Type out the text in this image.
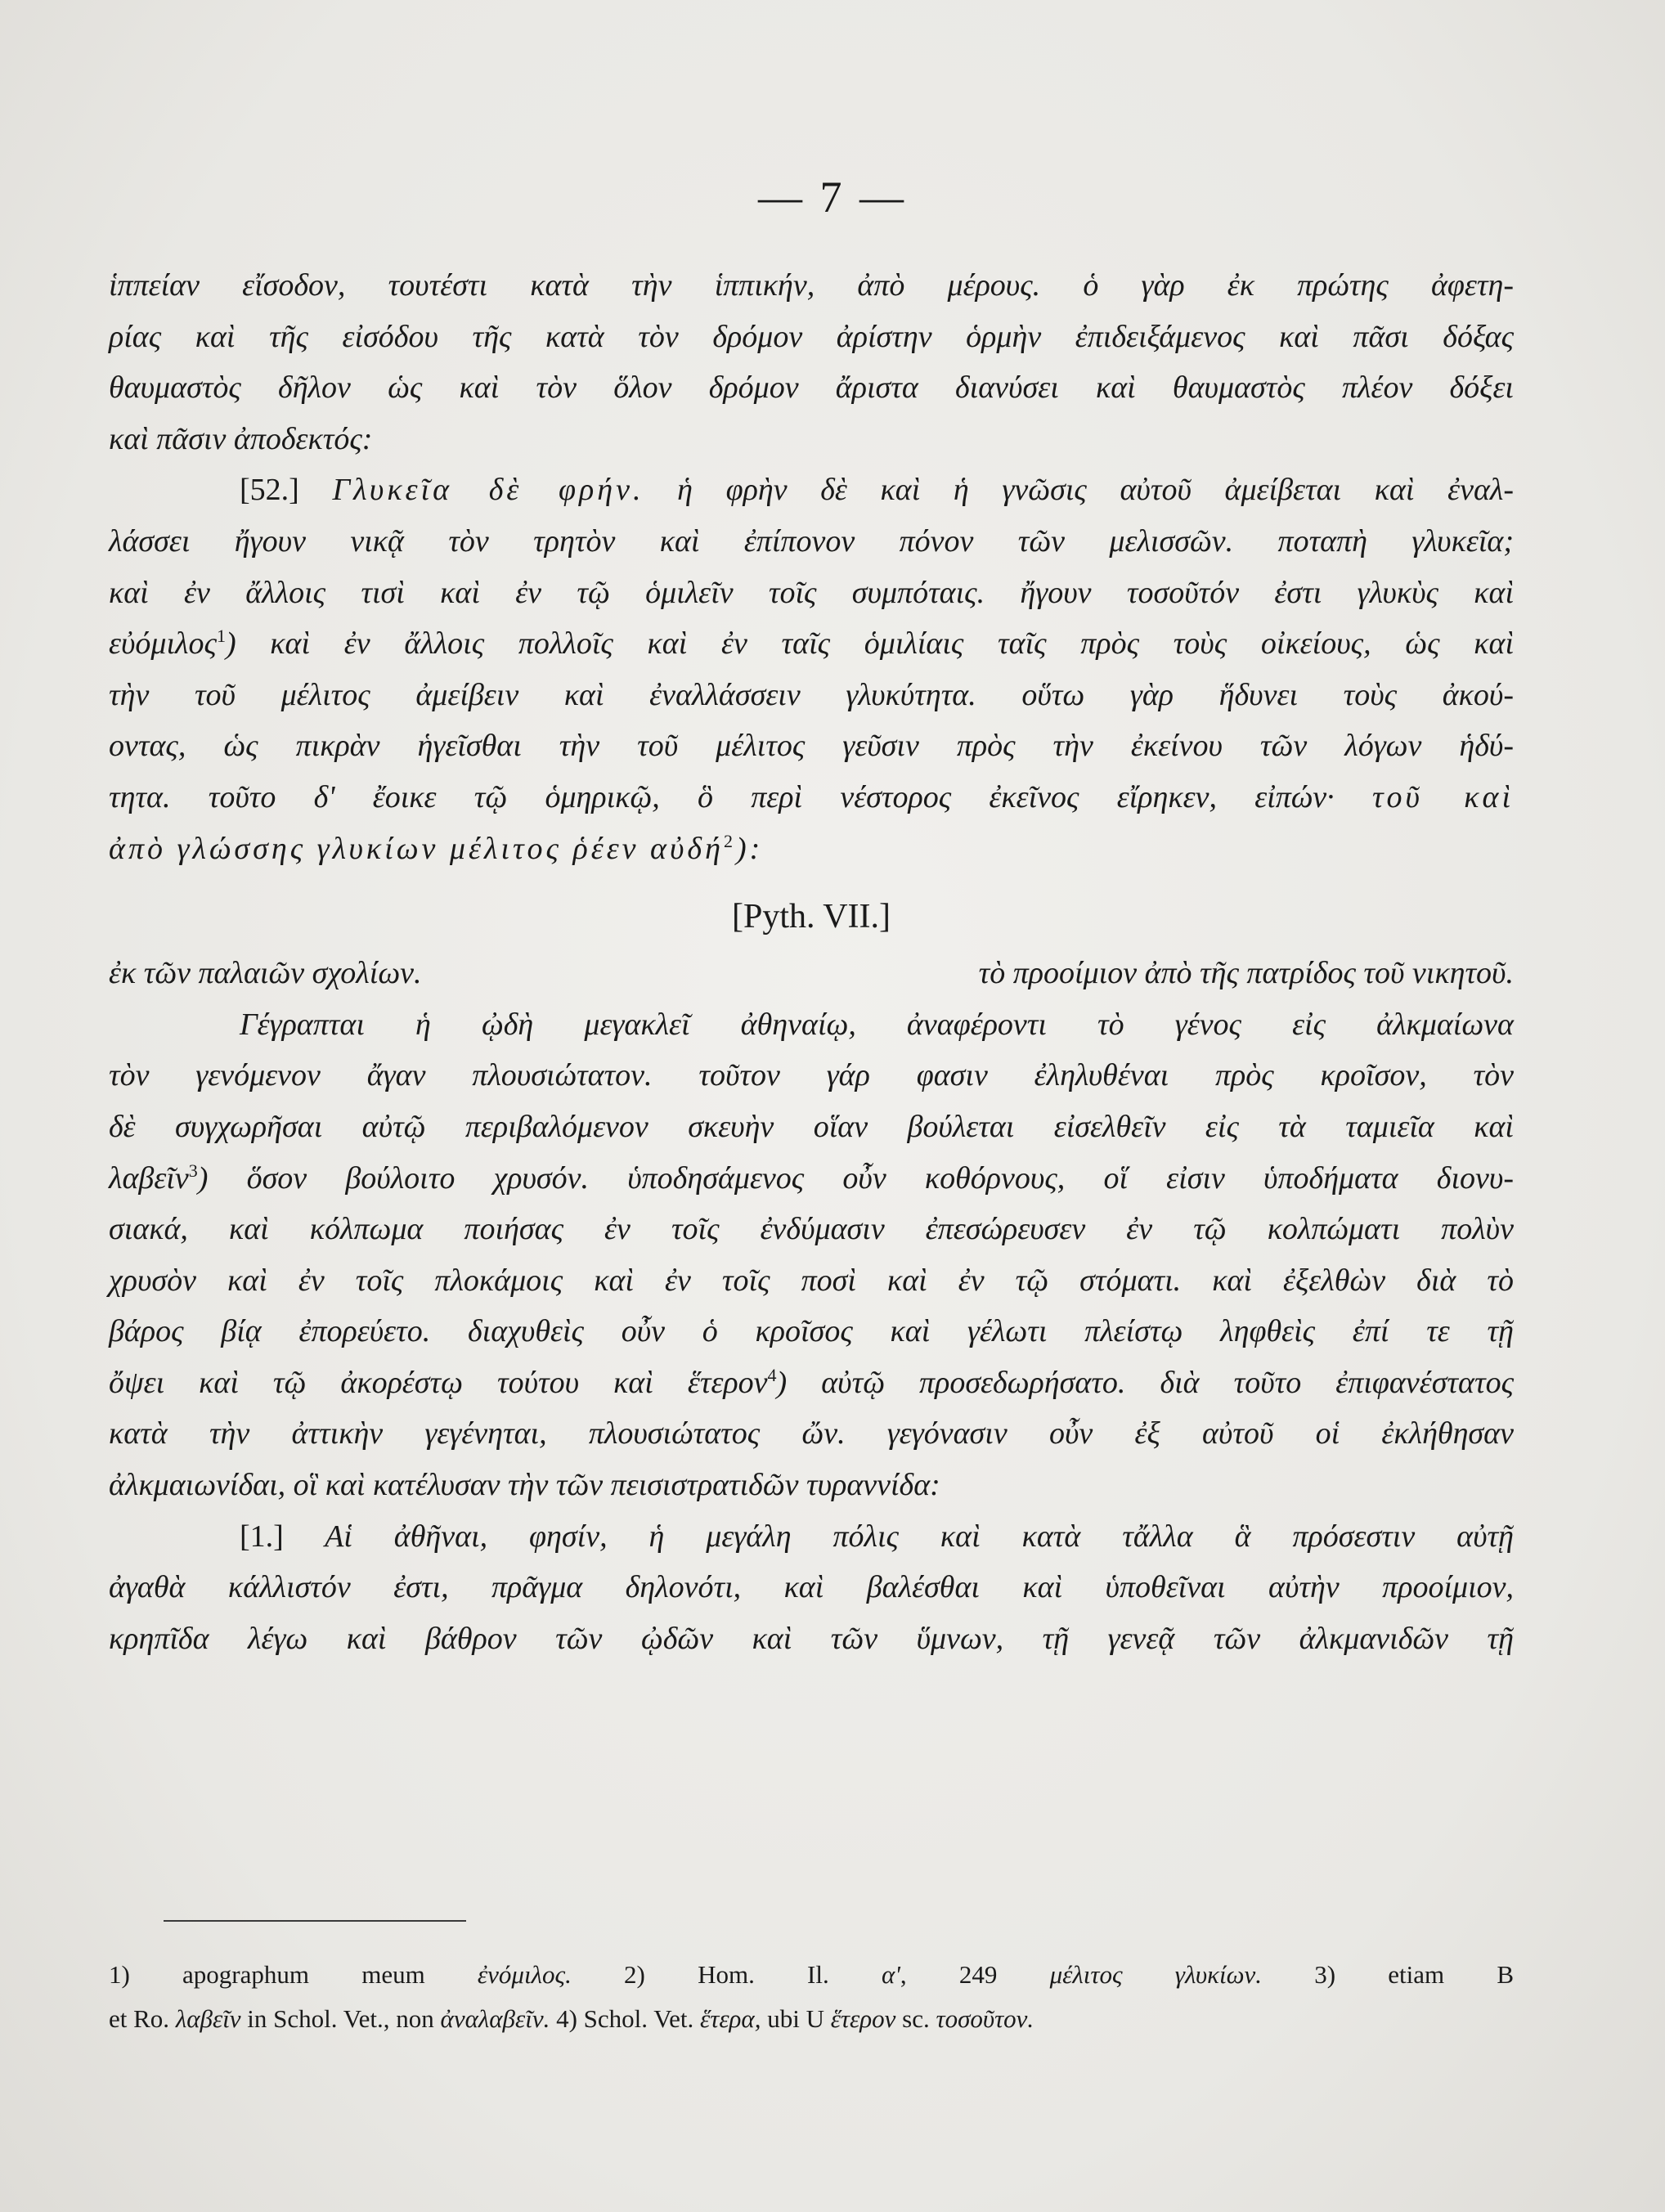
— 7 —
ἱππείαν εἴσοδον, τουτέστι κατὰ τὴν ἱππικήν, ἀπὸ μέρους. ὁ γὰρ ἐκ πρώτης ἀφετη-
ρίας καὶ τῆς εἰσόδου τῆς κατὰ τὸν δρόμον ἀρίστην ὁρμὴν ἐπιδειξάμενος καὶ πᾶσι δόξας
θαυμαστὸς δῆλον ὡς καὶ τὸν ὅλον δρόμον ἄριστα διανύσει καὶ θαυμαστὸς πλέον δόξει
καὶ πᾶσιν ἀποδεκτός:
[52.] Γλυκεῖα δὲ φρήν. ἡ φρὴν δὲ καὶ ἡ γνῶσις αὐτοῦ ἀμείβεται καὶ ἐναλ-
λάσσει ἤγουν νικᾷ τὸν τρητὸν καὶ ἐπίπονον πόνον τῶν μελισσῶν. ποταπὴ γλυκεῖα;
καὶ ἐν ἄλλοις τισὶ καὶ ἐν τῷ ὁμιλεῖν τοῖς συμπόταις. ἤγουν τοσοῦτόν ἐστι γλυκὺς καὶ
εὐόμιλος$^1$) καὶ ἐν ἄλλοις πολλοῖς καὶ ἐν ταῖς ὁμιλίαις ταῖς πρὸς τοὺς οἰκείους, ὡς καὶ
τὴν τοῦ μέλιτος ἀμείβειν καὶ ἐναλλάσσειν γλυκύτητα. οὕτω γὰρ ἥδυνει τοὺς ἀκού-
οντας, ὡς πικρὰν ἡγεῖσθαι τὴν τοῦ μέλιτος γεῦσιν πρὸς τὴν ἐκείνου τῶν λόγων ἡδύ-
τητα. τοῦτο δ' ἔοικε τῷ ὁμηρικῷ, ὃ περὶ νέστορος ἐκεῖνος εἴρηκεν, εἰπών· τοῦ καὶ
ἀπὸ γλώσσης γλυκίων μέλιτος ῥέεν αὐδή$^2$):
[Pyth. VII.]
ἐκ τῶν παλαιῶν σχολίων.	τὸ προοίμιον ἀπὸ τῆς πατρίδος τοῦ νικητοῦ.
Γέγραπται ἡ ᾠδὴ μεγακλεῖ ἀθηναίῳ, ἀναφέροντι τὸ γένος εἰς ἀλκμαίωνα
τὸν γενόμενον ἄγαν πλουσιώτατον. τοῦτον γάρ φασιν ἐληλυθέναι πρὸς κροῖσον, τὸν
δὲ συγχωρῆσαι αὐτῷ περιβαλόμενον σκευὴν οἵαν βούλεται εἰσελθεῖν εἰς τὰ ταμιεῖα καὶ
λαβεῖν$^3$) ὅσον βούλοιτο χρυσόν. ὑποδησάμενος οὖν κοθόρνους, οἵ εἰσιν ὑποδήματα διονυ-
σιακά, καὶ κόλπωμα ποιήσας ἐν τοῖς ἐνδύμασιν ἐπεσώρευσεν ἐν τῷ κολπώματι πολὺν
χρυσὸν καὶ ἐν τοῖς πλοκάμοις καὶ ἐν τοῖς ποσὶ καὶ ἐν τῷ στόματι. καὶ ἐξελθὼν διὰ τὸ
βάρος βίᾳ ἐπορεύετο. διαχυθεὶς οὖν ὁ κροῖσος καὶ γέλωτι πλείστῳ ληφθεὶς ἐπί τε τῇ
ὄψει καὶ τῷ ἀκορέστῳ τούτου καὶ ἕτερον$^4$) αὐτῷ προσεδωρήσατο. διὰ τοῦτο ἐπιφανέστατος
κατὰ τὴν ἀττικὴν γεγένηται, πλουσιώτατος ὤν. γεγόνασιν οὖν ἐξ αὐτοῦ οἱ ἐκλήθησαν
ἀλκμαιωνίδαι, οἳ καὶ κατέλυσαν τὴν τῶν πεισιστρατιδῶν τυραννίδα:
[1.] Αἱ ἀθῆναι, φησίν, ἡ μεγάλη πόλις καὶ κατὰ τἄλλα ἃ πρόσεστιν αὐτῇ
ἀγαθὰ κάλλιστόν ἐστι, πρᾶγμα δηλονότι, καὶ βαλέσθαι καὶ ὑποθεῖναι αὐτὴν προοίμιον,
κρηπῖδα λέγω καὶ βάθρον τῶν ᾠδῶν καὶ τῶν ὕμνων, τῇ γενεᾷ τῶν ἀλκμανιδῶν τῇ
1) apographum meum ἐνόμιλος. 2) Hom. Il. α', 249 μέλιτος γλυκίων. 3) etiam B
et Ro. λαβεῖν in Schol. Vet., non ἀναλαβεῖν. 4) Schol. Vet. ἕτερα, ubi U ἕτερον sc. τοσοῦτον.
